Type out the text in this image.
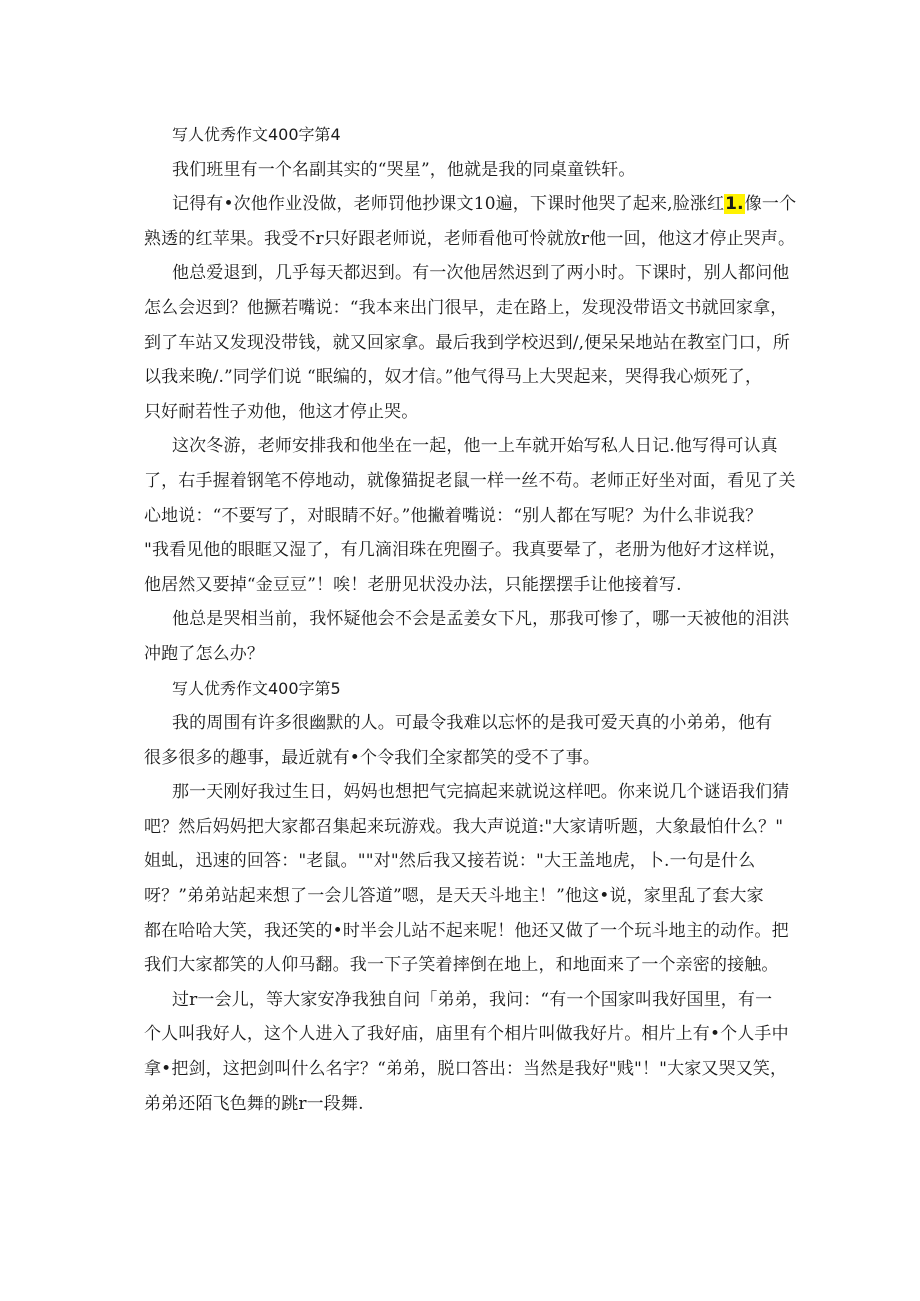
写人优秀作文400字第4

我们班里有一个名副其实的“哭星”，他就是我的同桌童铁轩。

记得有•次他作业没做，老师罚他抄课文10遍，下课时他哭了起来,脸涨红1.像一个

熟透的红苹果。我受不r只好跟老师说，老师看他可怜就放r他一回，他这才停止哭声。

他总爱退到，几乎每天都迟到。有一次他居然迟到了两小时。下课时，别人都问他

怎么会迟到？他撅若嘴说：“我本来出门很早，走在路上，发现没带语文书就回家拿，

到了车站又发现没带钱，就又回家拿。最后我到学校迟到/,便呆呆地站在教室门口，所

以我来晚/.”同学们说 “眠编的，奴才信。”他气得马上大哭起来，哭得我心烦死了，

只好耐若性子劝他，他这才停止哭。

这次冬游，老师安排我和他坐在一起，他一上车就开始写私人日记.他写得可认真

了，右手握着钢笔不停地动，就像猫捉老鼠一样一丝不苟。老师正好坐对面，看见了关

心地说：“不要写了，对眼睛不好。”他撇着嘴说：“别人都在写呢？为什么非说我？

"我看见他的眼眶又湿了，有几滴泪珠在兜圈子。我真要晕了，老册为他好才这样说，

他居然又要掉“金豆豆”！唉！老册见状没办法，只能摆摆手让他接着写.

他总是哭相当前，我怀疑他会不会是孟姜女下凡，那我可惨了，哪一天被他的泪洪

冲跑了怎么办？

写人优秀作文400字第5

我的周围有许多很幽默的人。可最令我难以忘怀的是我可爱天真的小弟弟，他有

很多很多的趣事，最近就有•个令我们全家都笑的受不了事。

那一天刚好我过生日，妈妈也想把气完搞起来就说这样吧。你来说几个谜语我们猜

吧？然后妈妈把大家都召集起来玩游戏。我大声说道:"大家请听题，大象最怕什么？"

姐虬，迅速的回答："老鼠。""对"然后我又接若说："大王盖地虎，卜.一句是什么

呀？”弟弟站起来想了一会儿答道”嗯，是天天斗地主！”他这•说，家里乱了套大家

都在哈哈大笑，我还笑的•时半会儿站不起来呢！他还又做了一个玩斗地主的动作。把

我们大家都笑的人仰马翻。我一下子笑着摔倒在地上，和地面来了一个亲密的接触。

过r一会儿，等大家安净我独自问「弟弟，我问：“有一个国家叫我好国里，有一

个人叫我好人，这个人进入了我好庙，庙里有个相片叫做我好片。相片上有•个人手中

拿•把剑，这把剑叫什么名字？“弟弟，脱口答出：当然是我好"贱"！"大家又哭又笑，

弟弟还陌飞色舞的跳r一段舞.
